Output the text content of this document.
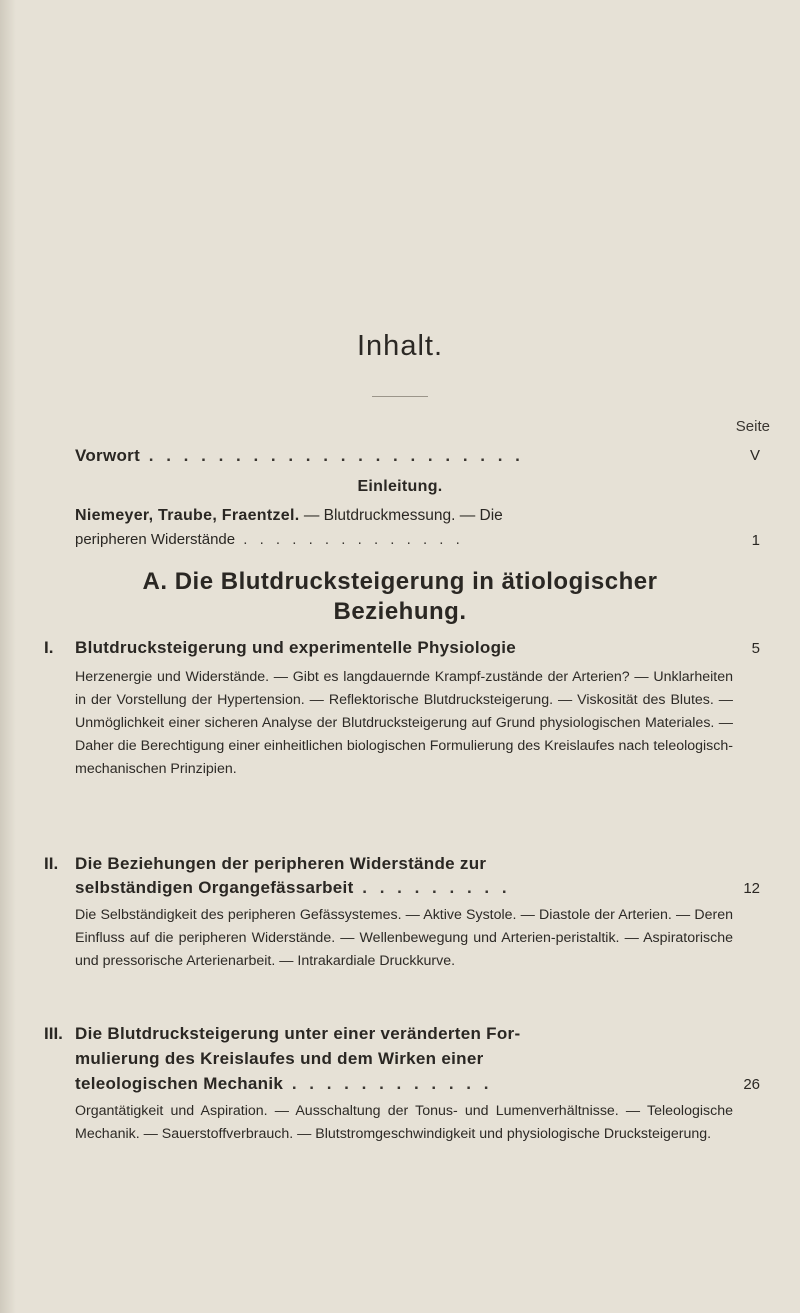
Inhalt.
Seite
Vorwort . . . . . . . . . . . . . . . . . . . . . .	V
Einleitung.
Niemeyer, Traube, Fraentzel. — Blutdruckmessung. — Die
peripheren Widerstände . . . . . . . . . . . . . .	1
A. Die Blutdrucksteigerung in ätiologischer
Beziehung.
I. Blutdrucksteigerung und experimentelle Physiologie	5
Herzenergie und Widerstände. — Gibt es langdauernde Krampf-zustände der Arterien? — Unklarheiten in der Vorstellung der Hypertension. — Reflektorische Blutdrucksteigerung. — Viskosität des Blutes. — Unmöglichkeit einer sicheren Analyse der Blutdrucksteigerung auf Grund physiologischen Materiales. — Daher die Berechtigung einer einheitlichen biologischen Formulierung des Kreislaufes nach teleologisch-mechanischen Prinzipien.
II. Die Beziehungen der peripheren Widerstände zur
selbständigen Organgefässarbeit . . . . . . . . .	12
Die Selbständigkeit des peripheren Gefässystemes. — Aktive Systole. — Diastole der Arterien. — Deren Einfluss auf die peripheren Widerstände. — Wellenbewegung und Arterien-peristaltik. — Aspiratorische und pressorische Arterienarbeit. — Intrakardiale Druckkurve.
III. Die Blutdrucksteigerung unter einer veränderten For-
mulierung des Kreislaufes und dem Wirken einer
teleologischen Mechanik . . . . . . . . . . . .	26
Organtätigkeit und Aspiration. — Ausschaltung der Tonus- und Lumenverhältnisse. — Teleologische Mechanik. — Sauerstoffverbrauch. — Blutstromgeschwindigkeit und physiologische Drucksteigerung.
